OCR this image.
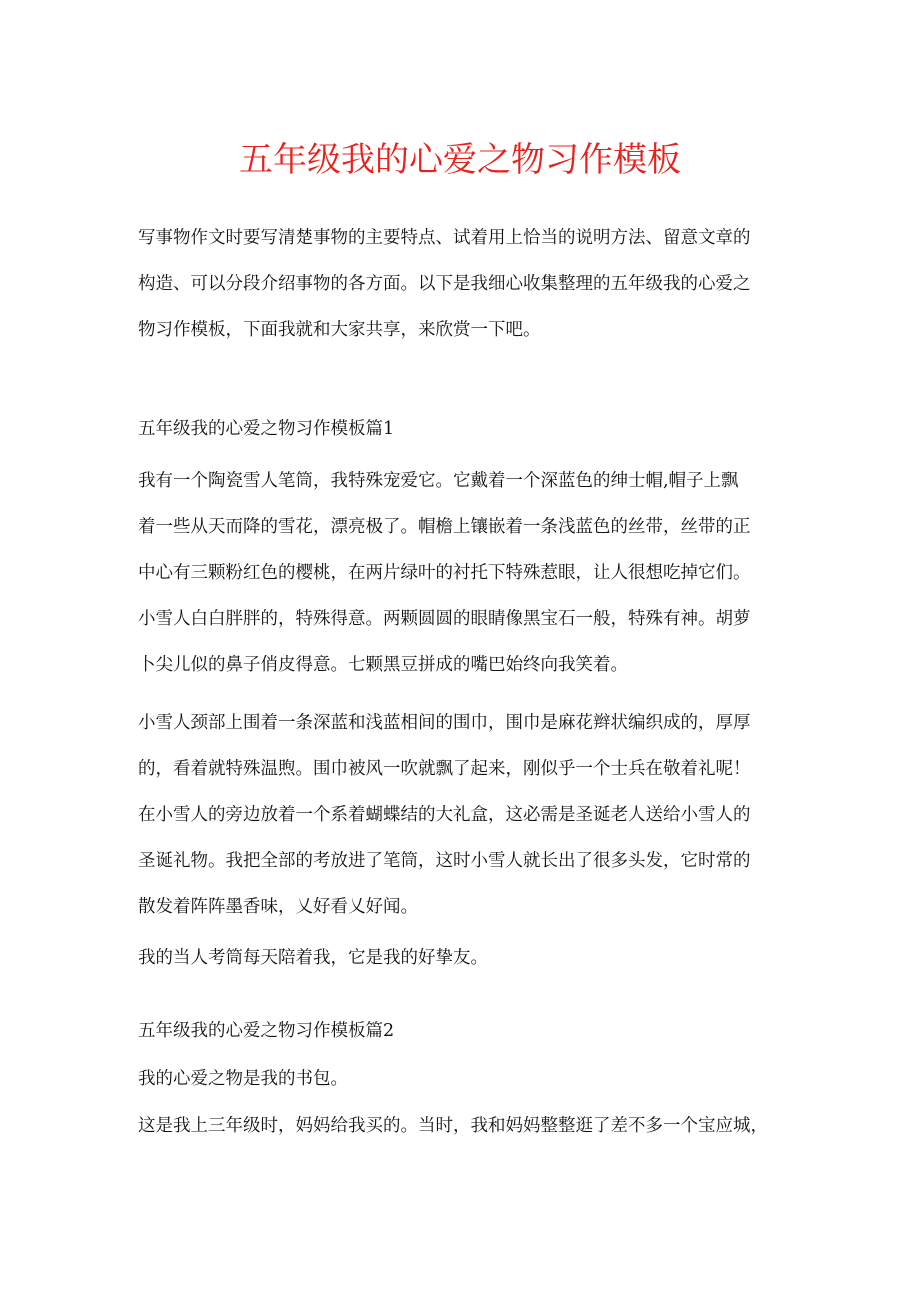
五年级我的心爱之物习作模板
写事物作文时要写清楚事物的主要特点、试着用上恰当的说明方法、留意文章的
构造、可以分段介绍事物的各方面。以下是我细心收集整理的五年级我的心爱之
物习作模板，下面我就和大家共享，来欣赏一下吧。
五年级我的心爱之物习作模板篇1
我有一个陶瓷雪人笔筒，我特殊宠爱它。它戴着一个深蓝色的绅士帽,帽子上飘
着一些从天而降的雪花，漂亮极了。帽檐上镶嵌着一条浅蓝色的丝带，丝带的正
中心有三颗粉红色的樱桃，在两片绿叶的衬托下特殊惹眼，让人很想吃掉它们。
小雪人白白胖胖的，特殊得意。两颗圆圆的眼睛像黑宝石一般，特殊有神。胡萝
卜尖儿似的鼻子俏皮得意。七颗黑豆拼成的嘴巴始终向我笑着。
小雪人颈部上围着一条深蓝和浅蓝相间的围巾，围巾是麻花辫状编织成的，厚厚
的，看着就特殊温煦。围巾被风一吹就飘了起来，刚似乎一个士兵在敬着礼呢！
在小雪人的旁边放着一个系着蝴蝶结的大礼盒，这必需是圣诞老人送给小雪人的
圣诞礼物。我把全部的考放进了笔筒，这时小雪人就长出了很多头发，它时常的
散发着阵阵墨香味，乂好看乂好闻。
我的当人考筒每天陪着我，它是我的好挚友。
五年级我的心爱之物习作模板篇2
我的心爱之物是我的书包。
这是我上三年级时，妈妈给我买的。当时，我和妈妈整整逛了差不多一个宝应城，
